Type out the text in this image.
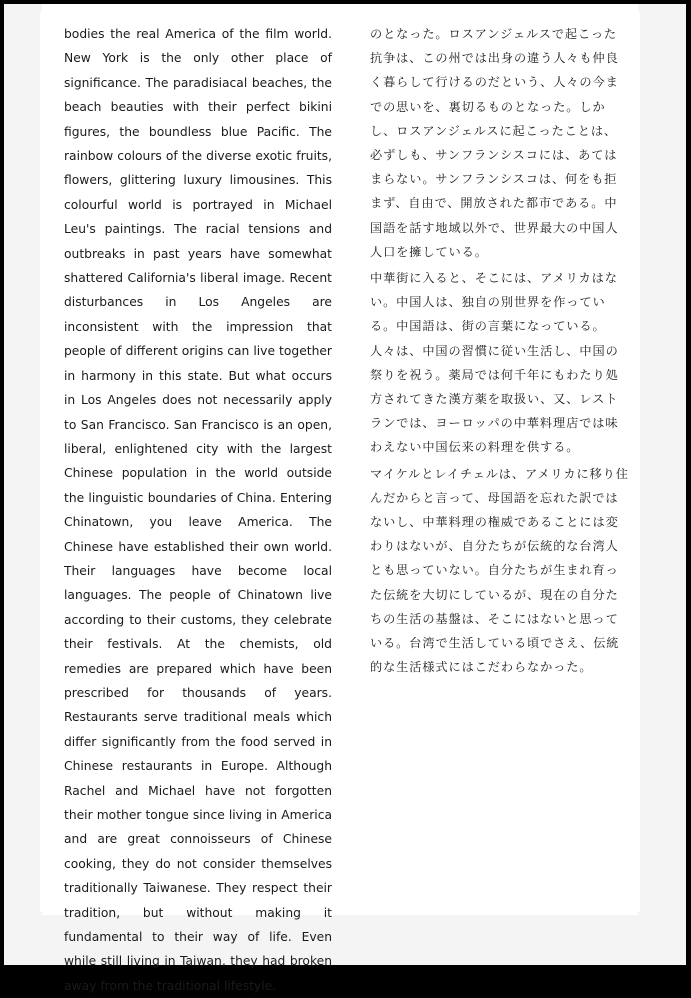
bodies the real America of the film world. New York is the only other place of significance. The paradisiacal beaches, the beach beauties with their perfect bikini figures, the boundless blue Pacific. The rainbow colours of the diverse exotic fruits, flowers, glittering luxury limousines. This colourful world is portrayed in Michael Leu's paintings. The racial tensions and outbreaks in past years have somewhat shattered California's liberal image. Recent disturbances in Los Angeles are inconsistent with the impression that people of different origins can live together in harmony in this state. But what occurs in Los Angeles does not necessarily apply to San Francisco. San Francisco is an open, liberal, enlightened city with the largest Chinese population in the world outside the linguistic boundaries of China. Entering Chinatown, you leave America. The Chinese have established their own world. Their languages have become local languages. The people of Chinatown live according to their customs, they celebrate their festivals. At the chemists, old remedies are prepared which have been prescribed for thousands of years. Restaurants serve traditional meals which differ significantly from the food served in Chinese restaurants in Europe. Although Rachel and Michael have not forgotten their mother tongue since living in America and are great connoisseurs of Chinese cooking, they do not consider themselves traditionally Taiwanese. They respect their tradition, but without making it fundamental to their way of life. Even while still living in Taiwan, they had broken away from the traditional lifestyle.

のとなった。ロスアンジェルスで起こった抗争は、この州では出身の違う人々も仲良く暮らして行けるのだという、人々の今までの思いを、裏切るものとなった。しかし、ロスアンジェルスに起こったことは、必ずしも、サンフランシスコには、あてはまらない。サンフランシスコは、何をも拒まず、自由で、開放された都市である。中国語を話す地域以外で、世界最大の中国人人口を擁している。

中華街に入ると、そこには、アメリカはない。中国人は、独自の別世界を作っている。中国語は、街の言葉になっている。人々は、中国の習慣に従い生活し、中国の祭りを祝う。薬局では何千年にもわたり処方されてきた漢方薬を取扱い、又、レストランでは、ヨーロッパの中華料理店では味わえない中国伝来の料理を供する。

マイケルとレイチェルは、アメリカに移り住んだからと言って、母国語を忘れた訳ではないし、中華料理の権威であることには変わりはないが、自分たちが伝統的な台湾人とも思っていない。自分たちが生まれ育った伝統を大切にしているが、現在の自分たちの生活の基盤は、そこにはないと思っている。台湾で生活している頃でさえ、伝統的な生活様式にはこだわらなかった。
